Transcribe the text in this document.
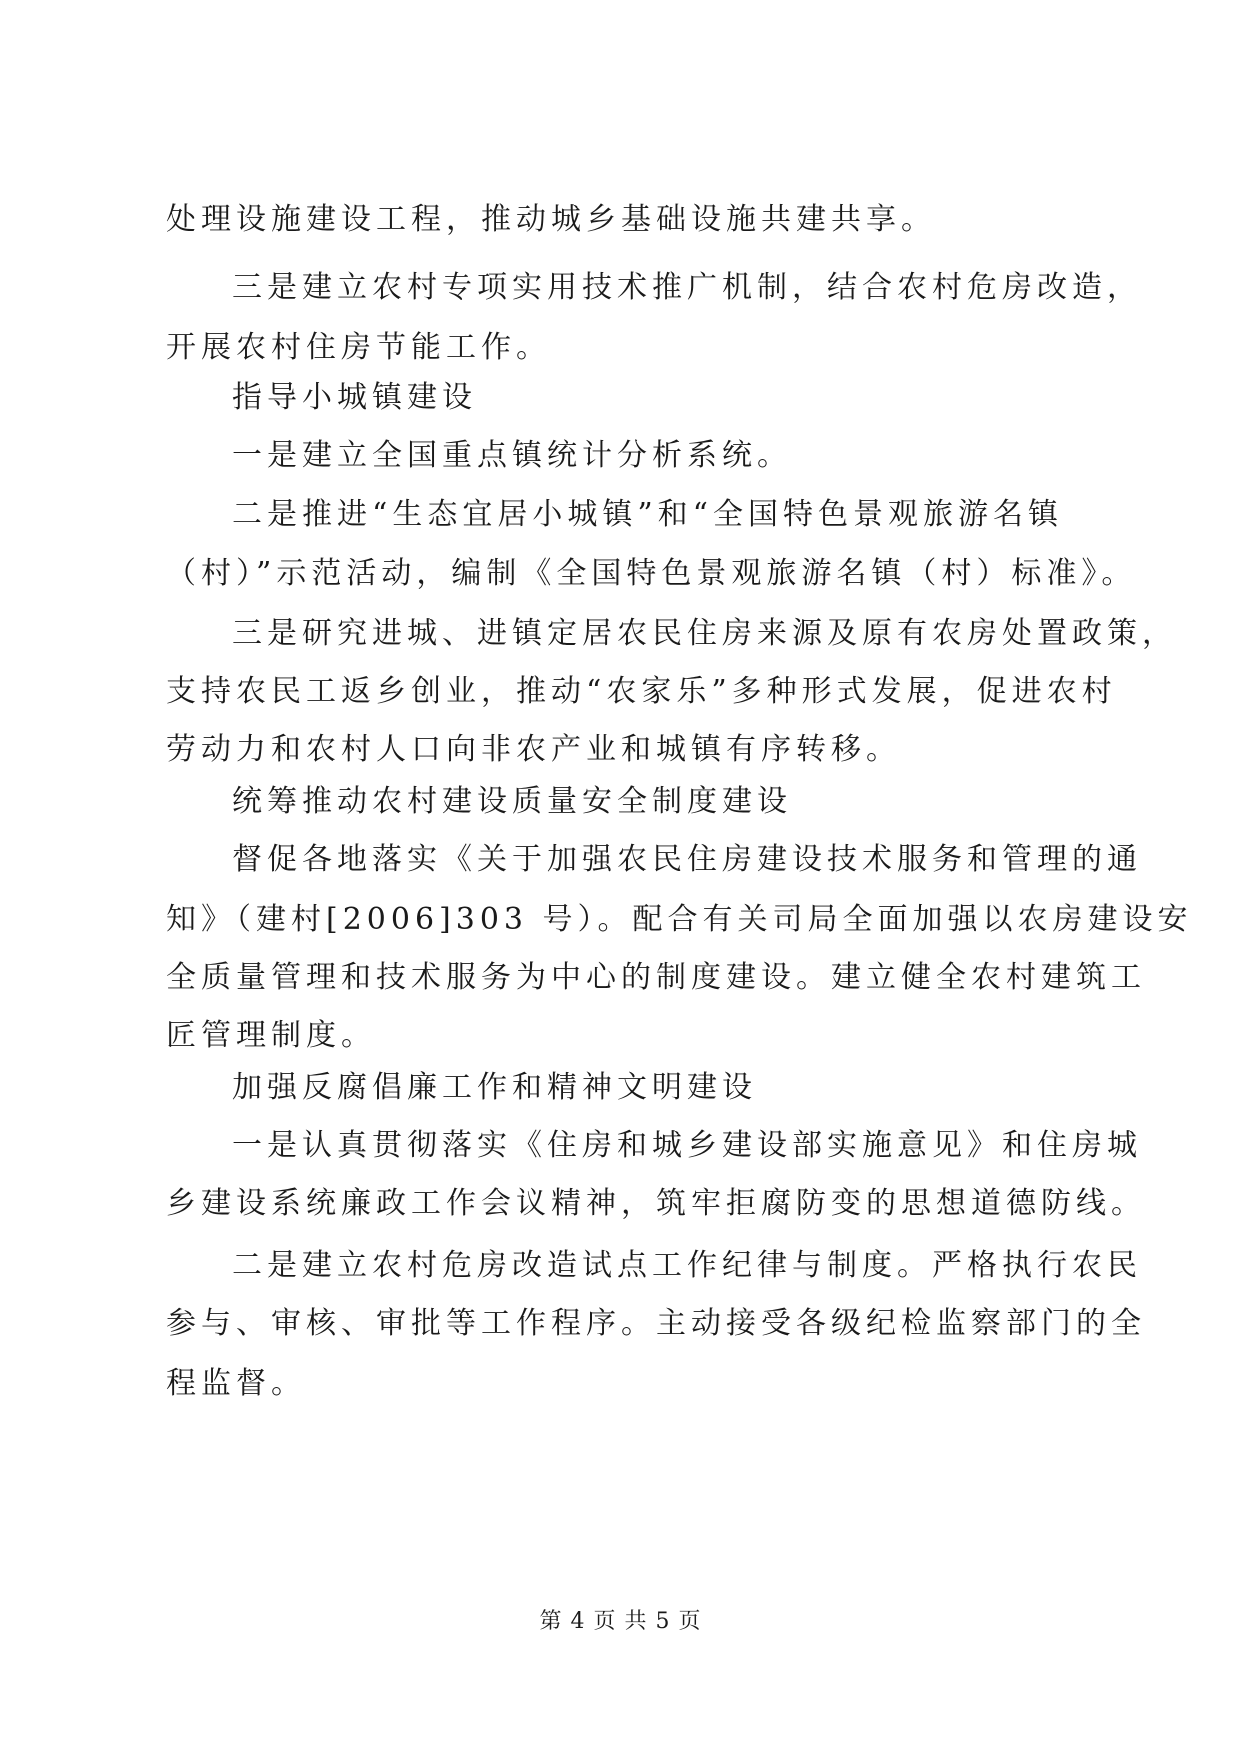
处理设施建设工程，推动城乡基础设施共建共享。
三是建立农村专项实用技术推广机制，结合农村危房改造，
开展农村住房节能工作。
指导小城镇建设
一是建立全国重点镇统计分析系统。
二是推进“生态宜居小城镇”和“全国特色景观旅游名镇
（村）”示范活动，编制《全国特色景观旅游名镇（村）标准》。
三是研究进城、进镇定居农民住房来源及原有农房处置政策，
支持农民工返乡创业，推动“农家乐”多种形式发展，促进农村
劳动力和农村人口向非农产业和城镇有序转移。
统筹推动农村建设质量安全制度建设
督促各地落实《关于加强农民住房建设技术服务和管理的通
知》（建村[2006]303 号）。配合有关司局全面加强以农房建设安
全质量管理和技术服务为中心的制度建设。建立健全农村建筑工
匠管理制度。
加强反腐倡廉工作和精神文明建设
一是认真贯彻落实《住房和城乡建设部实施意见》和住房城
乡建设系统廉政工作会议精神，筑牢拒腐防变的思想道德防线。
二是建立农村危房改造试点工作纪律与制度。严格执行农民
参与、审核、审批等工作程序。主动接受各级纪检监察部门的全
程监督。
第 4 页 共 5 页
